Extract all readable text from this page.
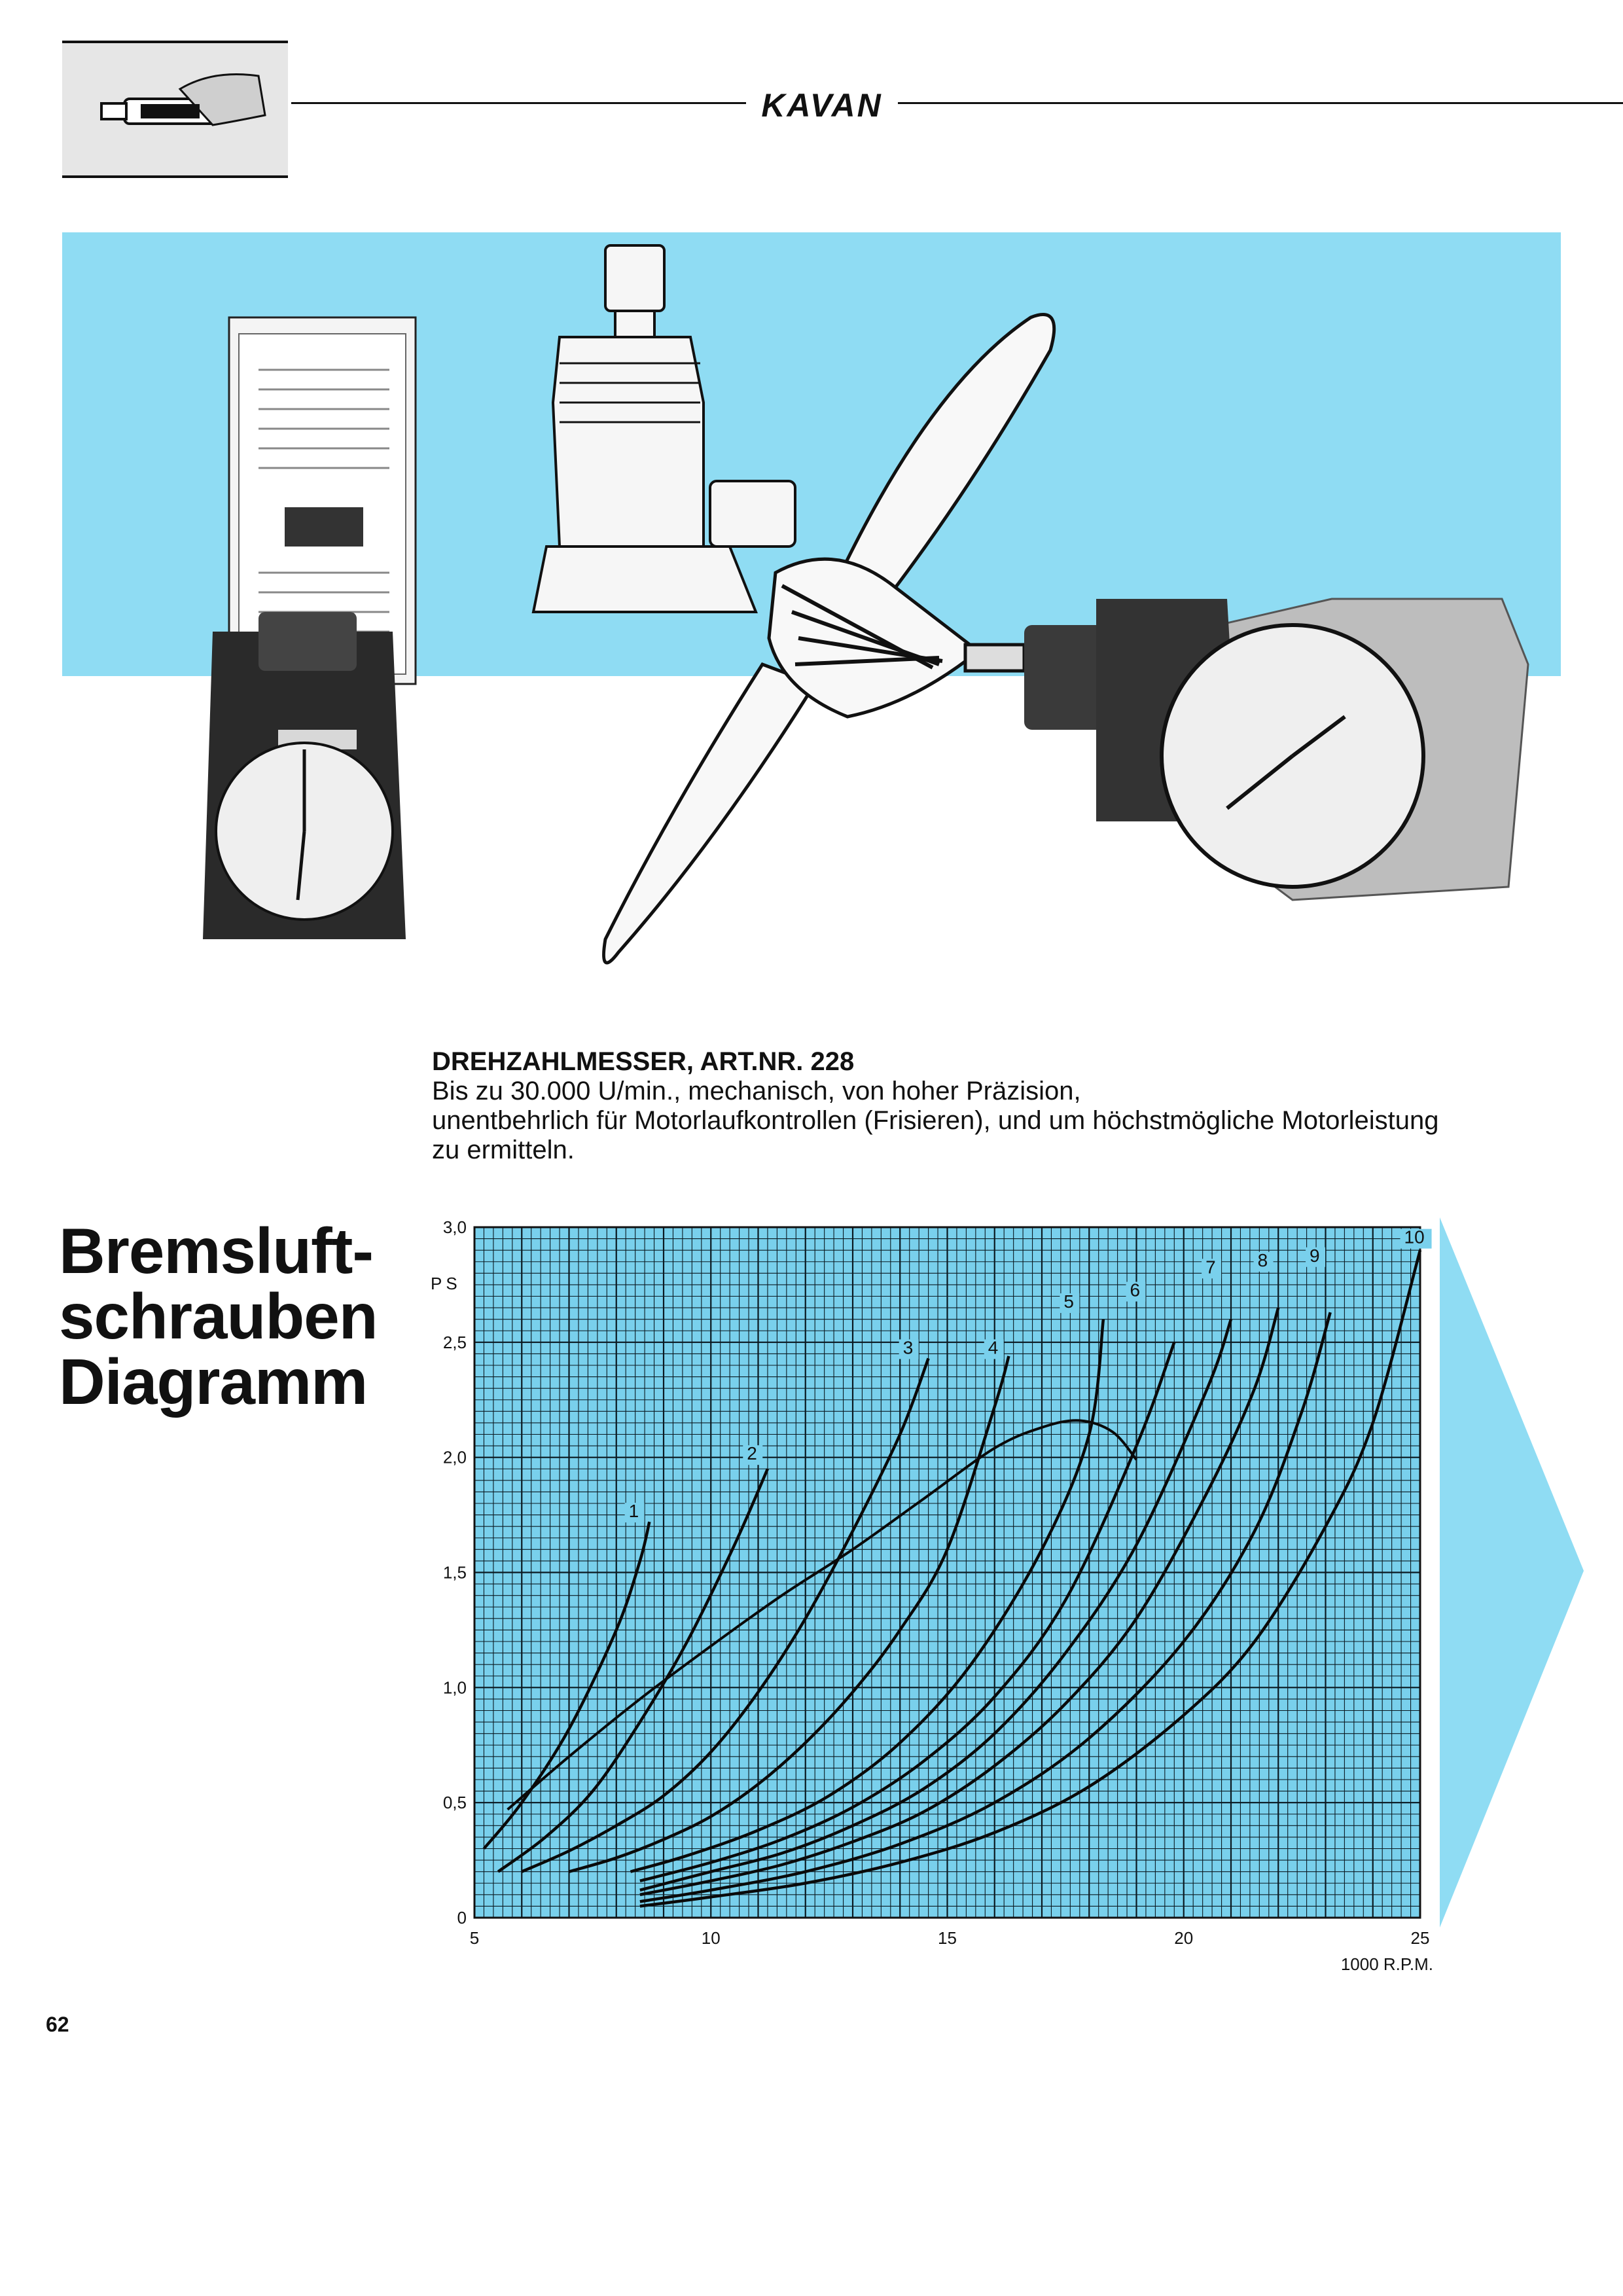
KAVAN
DREHZAHLMESSER, ART.NR. 228
Bis zu 30.000 U/min., mechanisch, von hoher Präzision,
unentbehrlich für Motorlaufkontrollen (Frisieren), und um höchstmögliche Motorleistung
zu ermitteln.
Bremsluft-
schrauben
Diagramm
1
2
3	4
5
6
7 8 9
10
5	10	15	20	25
0
0,5
1,0
1,5
2,0
2,5
3,0
PS
1000 R.P.M.
62
